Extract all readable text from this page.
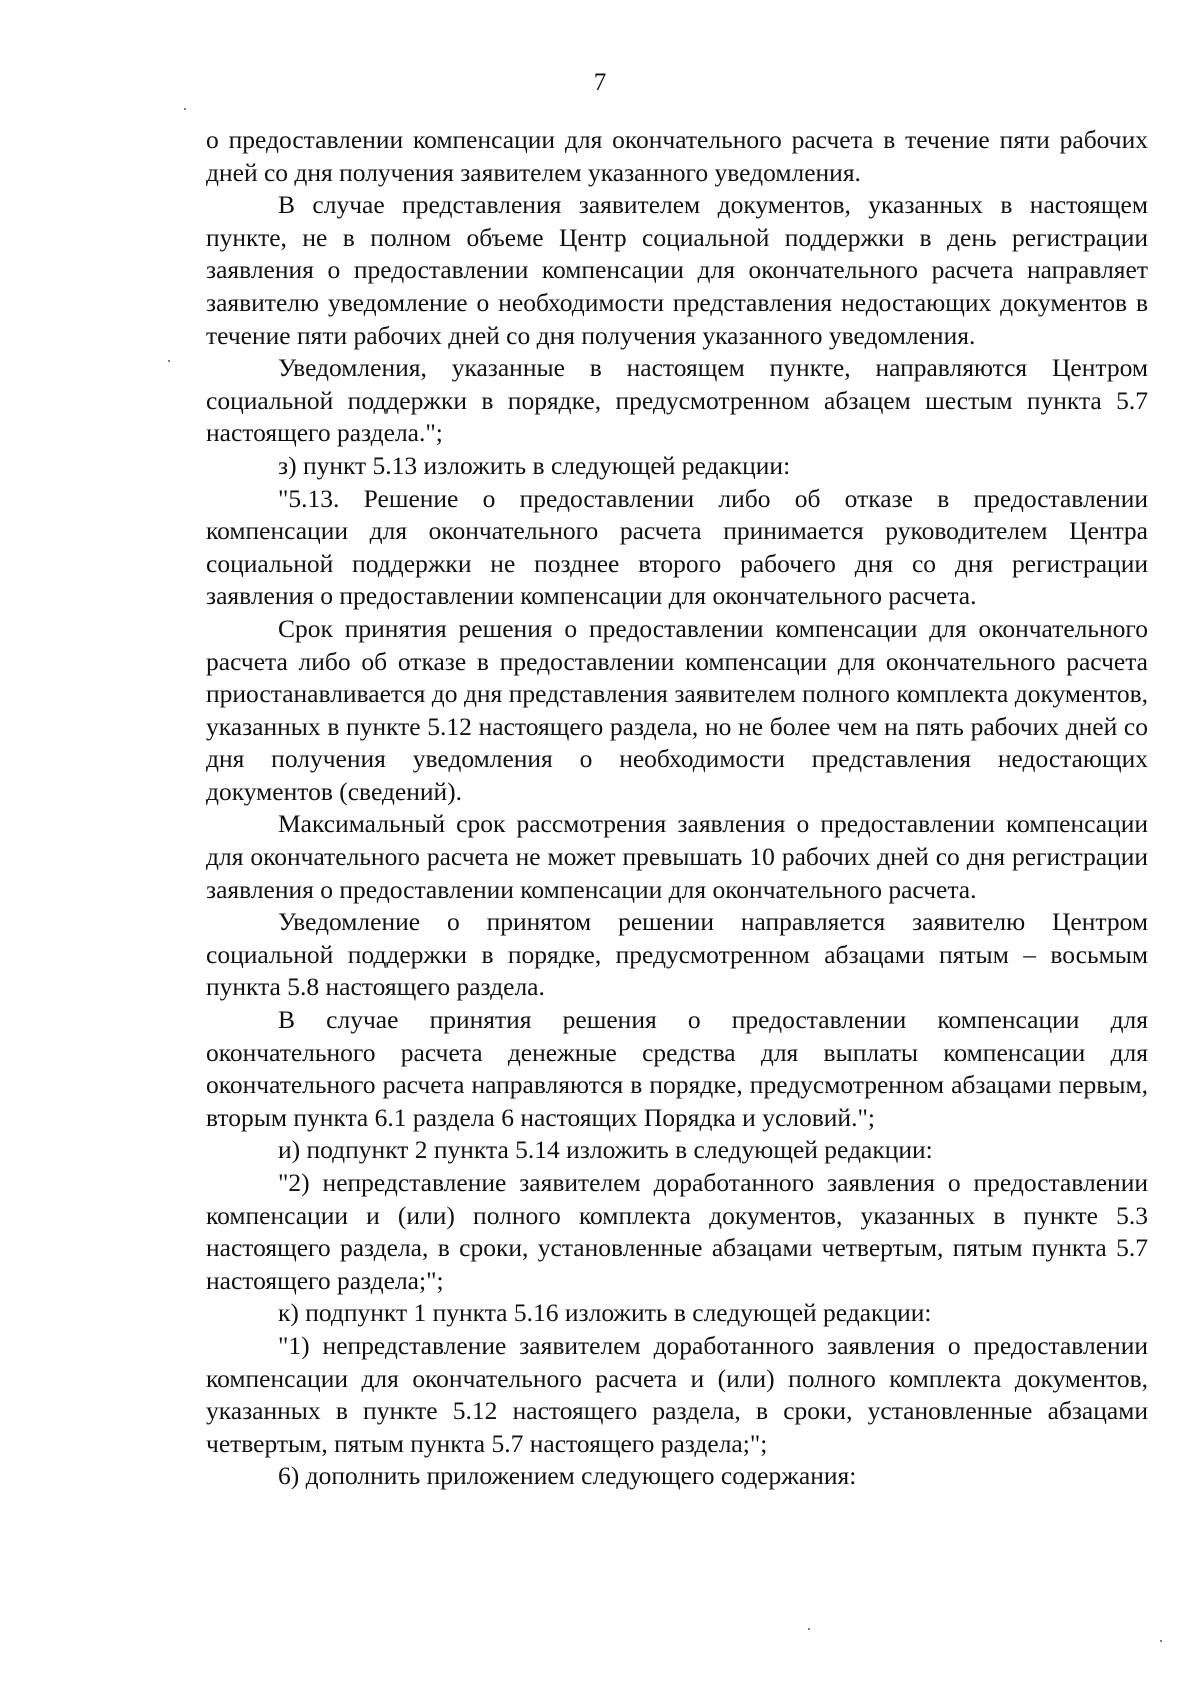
7

о предоставлении компенсации для окончательного расчета в течение пяти рабочих дней со дня получения заявителем указанного уведомления.

В случае представления заявителем документов, указанных в настоящем пункте, не в полном объеме Центр социальной поддержки в день регистрации заявления о предоставлении компенсации для окончательного расчета направляет заявителю уведомление о необходимости представления недостающих документов в течение пяти рабочих дней со дня получения указанного уведомления.

Уведомления, указанные в настоящем пункте, направляются Центром социальной поддержки в порядке, предусмотренном абзацем шестым пункта 5.7 настоящего раздела.";

з) пункт 5.13 изложить в следующей редакции:

"5.13. Решение о предоставлении либо об отказе в предоставлении компенсации для окончательного расчета принимается руководителем Центра социальной поддержки не позднее второго рабочего дня со дня регистрации заявления о предоставлении компенсации для окончательного расчета.

Срок принятия решения о предоставлении компенсации для окончательного расчета либо об отказе в предоставлении компенсации для окончательного расчета приостанавливается до дня представления заявителем полного комплекта документов, указанных в пункте 5.12 настоящего раздела, но не более чем на пять рабочих дней со дня получения уведомления о необходимости представления недостающих документов (сведений).

Максимальный срок рассмотрения заявления о предоставлении компенсации для окончательного расчета не может превышать 10 рабочих дней со дня регистрации заявления о предоставлении компенсации для окончательного расчета.

Уведомление о принятом решении направляется заявителю Центром социальной поддержки в порядке, предусмотренном абзацами пятым – восьмым пункта 5.8 настоящего раздела.

В случае принятия решения о предоставлении компенсации для окончательного расчета денежные средства для выплаты компенсации для окончательного расчета направляются в порядке, предусмотренном абзацами первым, вторым пункта 6.1 раздела 6 настоящих Порядка и условий.";

и) подпункт 2 пункта 5.14 изложить в следующей редакции:

"2) непредставление заявителем доработанного заявления о предоставлении компенсации и (или) полного комплекта документов, указанных в пункте 5.3 настоящего раздела, в сроки, установленные абзацами четвертым, пятым пункта 5.7 настоящего раздела;";

к) подпункт 1 пункта 5.16 изложить в следующей редакции:

"1) непредставление заявителем доработанного заявления о предоставлении компенсации для окончательного расчета и (или) полного комплекта документов, указанных в пункте 5.12 настоящего раздела, в сроки, установленные абзацами четвертым, пятым пункта 5.7 настоящего раздела;";

6) дополнить приложением следующего содержания:
